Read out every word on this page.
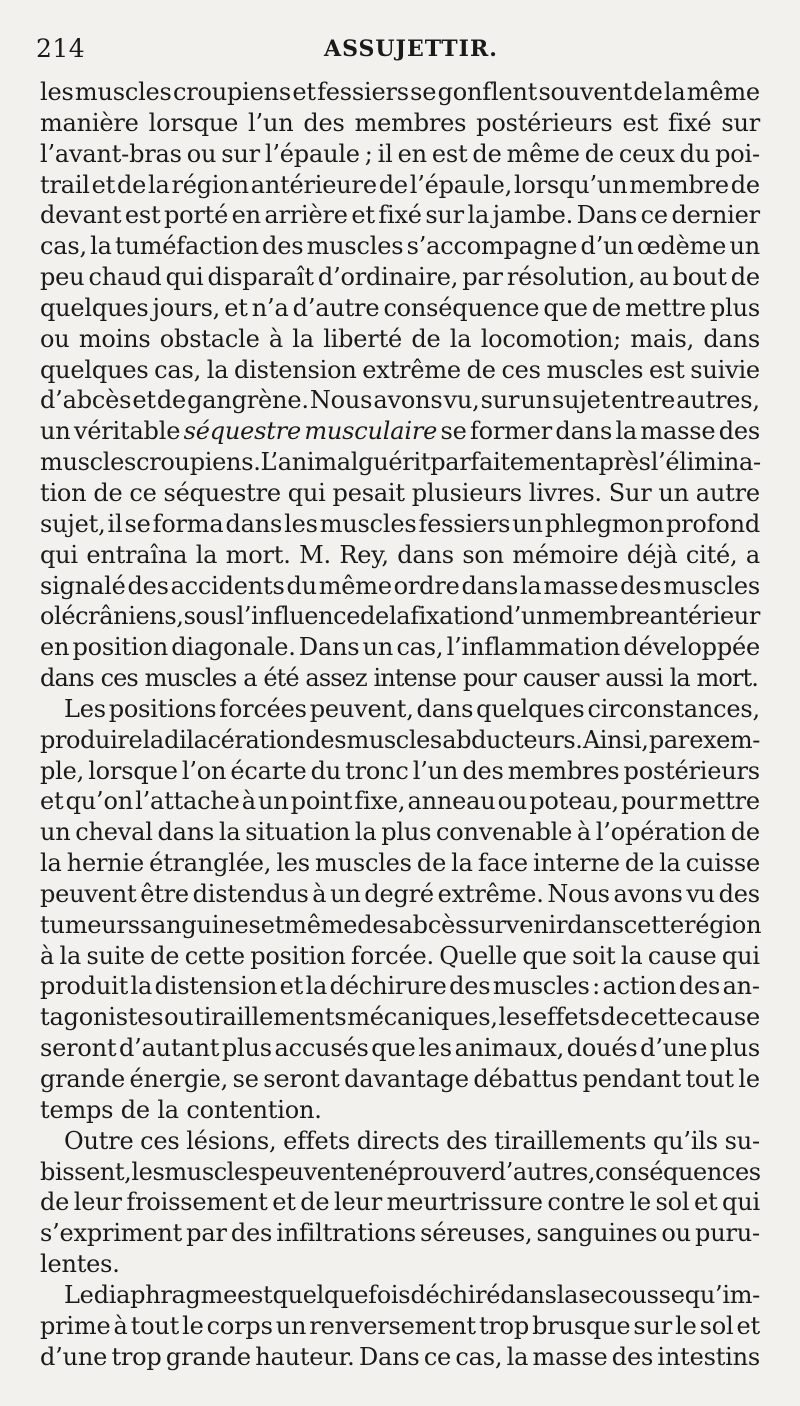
214	ASSUJETTIR.
les muscles croupiens et fessiers se gonflent souvent de la même
manière lorsque l’un des membres postérieurs est fixé sur
l’avant-bras ou sur l’épaule ; il en est de même de ceux du poi-
trail et de la région antérieure de l’épaule, lorsqu’un membre de
devant est porté en arrière et fixé sur la jambe. Dans ce dernier
cas, la tuméfaction des muscles s’accompagne d’un œdème un
peu chaud qui disparaît d’ordinaire, par résolution, au bout de
quelques jours, et n’a d’autre conséquence que de mettre plus
ou moins obstacle à la liberté de la locomotion; mais, dans
quelques cas, la distension extrême de ces muscles est suivie
d’abcès et de gangrène. Nous avons vu, sur un sujet entre autres,
un véritable séquestre musculaire se former dans la masse des
muscles croupiens. L’animal guérit parfaitement après l’élimina-
tion de ce séquestre qui pesait plusieurs livres. Sur un autre
sujet, il se forma dans les muscles fessiers un phlegmon profond
qui entraîna la mort. M. Rey, dans son mémoire déjà cité, a
signalé des accidents du même ordre dans la masse des muscles
olécrâniens, sous l’influence de la fixation d’un membre antérieur
en position diagonale. Dans un cas, l’inflammation développée
dans ces muscles a été assez intense pour causer aussi la mort.
Les positions forcées peuvent, dans quelques circonstances,
produire la dilacération des muscles abducteurs. Ainsi, par exem-
ple, lorsque l’on écarte du tronc l’un des membres postérieurs
et qu’on l’attache à un point fixe, anneau ou poteau, pour mettre
un cheval dans la situation la plus convenable à l’opération de
la hernie étranglée, les muscles de la face interne de la cuisse
peuvent être distendus à un degré extrême. Nous avons vu des
tumeurs sanguines et même des abcès survenir dans cette région
à la suite de cette position forcée. Quelle que soit la cause qui
produit la distension et la déchirure des muscles : action des an-
tagonistes ou tiraillements mécaniques, les effets de cette cause
seront d’autant plus accusés que les animaux, doués d’une plus
grande énergie, se seront davantage débattus pendant tout le
temps de la contention.
Outre ces lésions, effets directs des tiraillements qu’ils su-
bissent, les muscles peuvent en éprouver d’autres, conséquences
de leur froissement et de leur meurtrissure contre le sol et qui
s’expriment par des infiltrations séreuses, sanguines ou puru-
lentes.
Le diaphragme est quelquefois déchiré dans la secousse qu’im-
prime à tout le corps un renversement trop brusque sur le sol et
d’une trop grande hauteur. Dans ce cas, la masse des intestins
